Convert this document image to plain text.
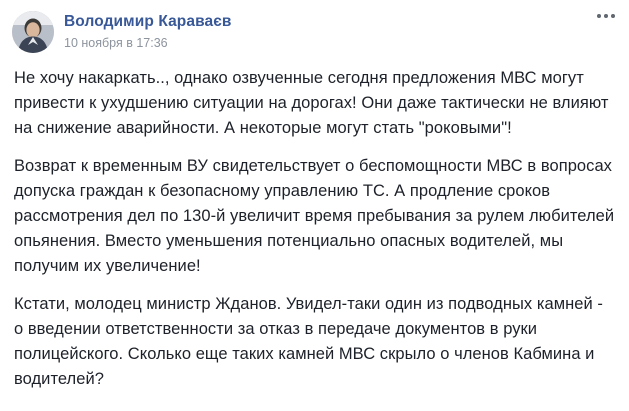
Володимир Караваєв
10 ноября в 17:36

Не хочу накаркать.., однако озвученные сегодня предложения МВС могут привести к ухудшению ситуации на дорогах! Они даже тактически не влияют на снижение аварийности. А некоторые могут стать "роковыми"!

Возврат к временным ВУ свидетельствует о беспомощности МВС в вопросах допуска граждан к безопасному управлению ТС. А продление сроков рассмотрения дел по 130-й увеличит время пребывания за рулем любителей опьянения. Вместо уменьшения потенциально опасных водителей, мы получим их увеличение!

Кстати, молодец министр Жданов. Увидел-таки один из подводных камней - о введении ответственности за отказ в передаче документов в руки полицейского. Сколько еще таких камней МВС скрыло о членов Кабмина и водителей?
